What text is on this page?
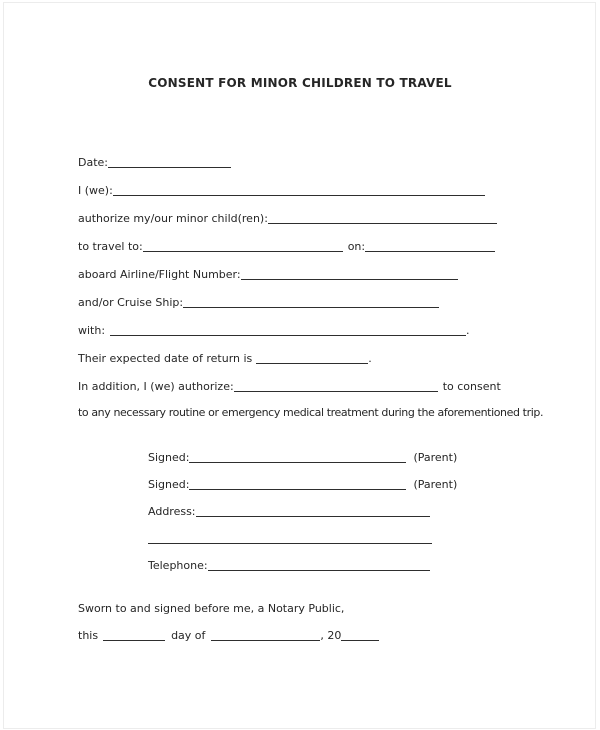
CONSENT FOR MINOR CHILDREN TO TRAVEL
Date:
I (we):
authorize my/our minor child(ren):
to travel to:	on:
aboard Airline/Flight Number:
and/or Cruise Ship:
with:	.
Their expected date of return is	.
In addition, I (we) authorize:	to consent
to any necessary routine or emergency medical treatment during the aforementioned trip.
Signed:	(Parent)
Signed:	(Parent)
Address:
Telephone:
Sworn to and signed before me, a Notary Public,
this	day of	, 20
